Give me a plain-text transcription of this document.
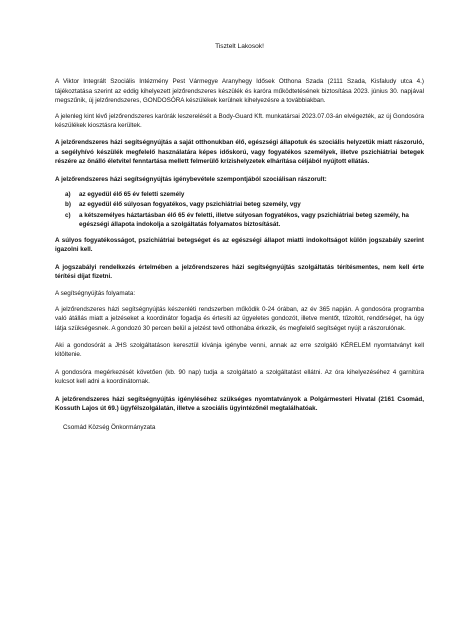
Tisztelt Lakosok!
A Viktor Integrált Szociális Intézmény Pest Vármegye Aranyhegy Idősek Otthona Szada (2111 Szada, Kisfaludy utca 4.) tájékoztatása szerint az eddig kihelyezett jelzőrendszeres készülék és karóra működtetésének biztosítása 2023. június 30. napjával megszűnik, új jelzőrendszeres, GONDOSÓRA készülékek kerülnek kihelyezésre a továbbiakban.
A jelenleg kint lévő jelzőrendszeres karórák leszerelését a Body-Guard Kft. munkatársai 2023.07.03-án elvégezték, az új Gondosóra készülékek kiosztásra kerültek.
A jelzőrendszeres házi segítségnyújtás a saját otthonukban élő, egészségi állapotuk és szociális helyzetük miatt rászoruló, a segélyhívó készülék megfelelő használatára képes időskorú, vagy fogyatékos személyek, illetve pszichiátriai betegek részére az önálló életvitel fenntartása mellett felmerülő krízishelyzetek elhárítása céljából nyújtott ellátás.
A jelzőrendszeres házi segítségnyújtás igénybevétele szempontjából szociálisan rászorult:
a)	az egyedül élő 65 év feletti személy
b)	az egyedül élő súlyosan fogyatékos, vagy pszichiátriai beteg személy, vgy
c)	a kétszemélyes háztartásban élő 65 év feletti, illetve súlyosan fogyatékos, vagy pszichiátriai beteg személy, ha egészségi állapota indokolja a szolgáltatás folyamatos biztosítását.
A súlyos fogyatékosságot, pszichiátriai betegséget és az egészségi állapot miatti indokoltságot külön jogszabály szerint igazolni kell.
A jogszabályi rendelkezés értelmében a jelzőrendszeres házi segítségnyújtás szolgáltatás térítésmentes, nem kell érte térítési díjat fizetni.
A segítségnyújtás folyamata:
A jelzőrendszeres házi segítségnyújtás készenléti rendszerben működik 0-24 órában, az év 365 napján. A gondosóra programba való átállás miatt a jelzéseket a koordinátor fogadja és értesíti az ügyeletes gondozót, illetve mentőt, tűzoltót, rendőrséget, ha úgy látja szükségesnek. A gondozó 30 percen belül a jelzést tevő otthonába érkezik, és megfelelő segítséget nyújt a rászorulónak.
Aki a gondosórát a JHS szolgáltatáson keresztül kívánja igénybe venni, annak az erre szolgáló KÉRELEM nyomtatványt kell kitöltenie.
A gondosóra megérkezését követően (kb. 90 nap) tudja a szolgáltató a szolgáltatást ellátni. Az óra kihelyezéséhez 4 garnitúra kulcsot kell adni a koordinátornak.
A jelzőrendszeres házi segítségnyújtás igényléséhez szükséges nyomtatványok a Polgármesteri Hivatal (2161 Csomád, Kossuth Lajos út 69.) ügyfélszolgálatán, illetve a szociális ügyintézőnél megtalálhatóak.
Csomád Község Önkormányzata
